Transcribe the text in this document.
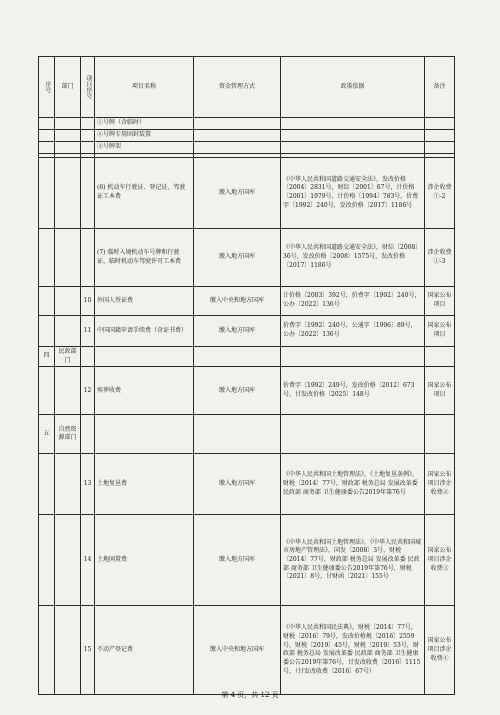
序号	部门	项目序号	项目名称	资金管理方式	政策依据	备注
			①号牌（含临时）			
			②号牌专用固封装置			
			③号牌架			

			(6) 机动车行驶证、登记证、驾驶证工本费	缴入地方国库	《中华人民共和国道路交通安全法》，发改价格〔2004〕2831号，财综〔2001〕67号，计价格〔2001〕1979号，计价格〔1994〕783号，价费字〔1992〕240号，发改价格〔2017〕1186号	涉企收费①-2
			(7) 临时入境机动车号牌和行驶证、临时机动车驾驶许可工本费	缴入地方国库	《中华人民共和国道路交通安全法》，财综〔2008〕36号，发改价格〔2008〕1575号，发改价格〔2017〕1186号	涉企收费①-3
		10	外国人签证费	缴入中央和地方国库	计价格〔2003〕392号，价费字〔1992〕240号，公办〔2022〕136号	国家公布项目
		11	中国国籍申请手续费（含证书费）	缴入地方国库	价费字〔1992〕240号，公通字〔1996〕89号，公办〔2022〕136号	国家公布项目
四	民政部门					
		12	殡葬收费	缴入地方国库	价费字〔1992〕249号，发改价格〔2012〕673号，甘发改价格〔2025〕148号	国家公布项目
五	自然资源部门					
		13	土地复垦费	缴入地方国库	《中华人民共和国土地管理法》，《土地复垦条例》，财税〔2014〕77号，财政部 税务总局 发展改革委 民政部 商务部 卫生健康委公告2019年第76号	国家公布项目涉企收费②
		14	土地闲置费	缴入地方国库	《中华人民共和国土地管理法》，《中华人民共和国城市房地产管理法》，国发〔2008〕3号，财税〔2014〕77号，财政部 税务总局 发展改革委 民政部 商务部 卫生健康委公告2019年第76号，财税〔2021〕8号，甘财函〔2021〕155号	国家公布项目涉企收费③
		15	不动产登记费	缴入中央和地方国库	《中华人民共和国民法典》，财税〔2014〕77号，财税〔2016〕79号，发改价格规〔2016〕2559号，财税〔2019〕45号，财税〔2019〕53号，财政部 税务总局 发展改革委 民政部 商务部 卫生健康委公告2019年第76号，甘发改收费〔2016〕1115号，（甘发改收费〔2016〕67号）	国家公布项目涉企收费④
第 4 页，共 12 页
